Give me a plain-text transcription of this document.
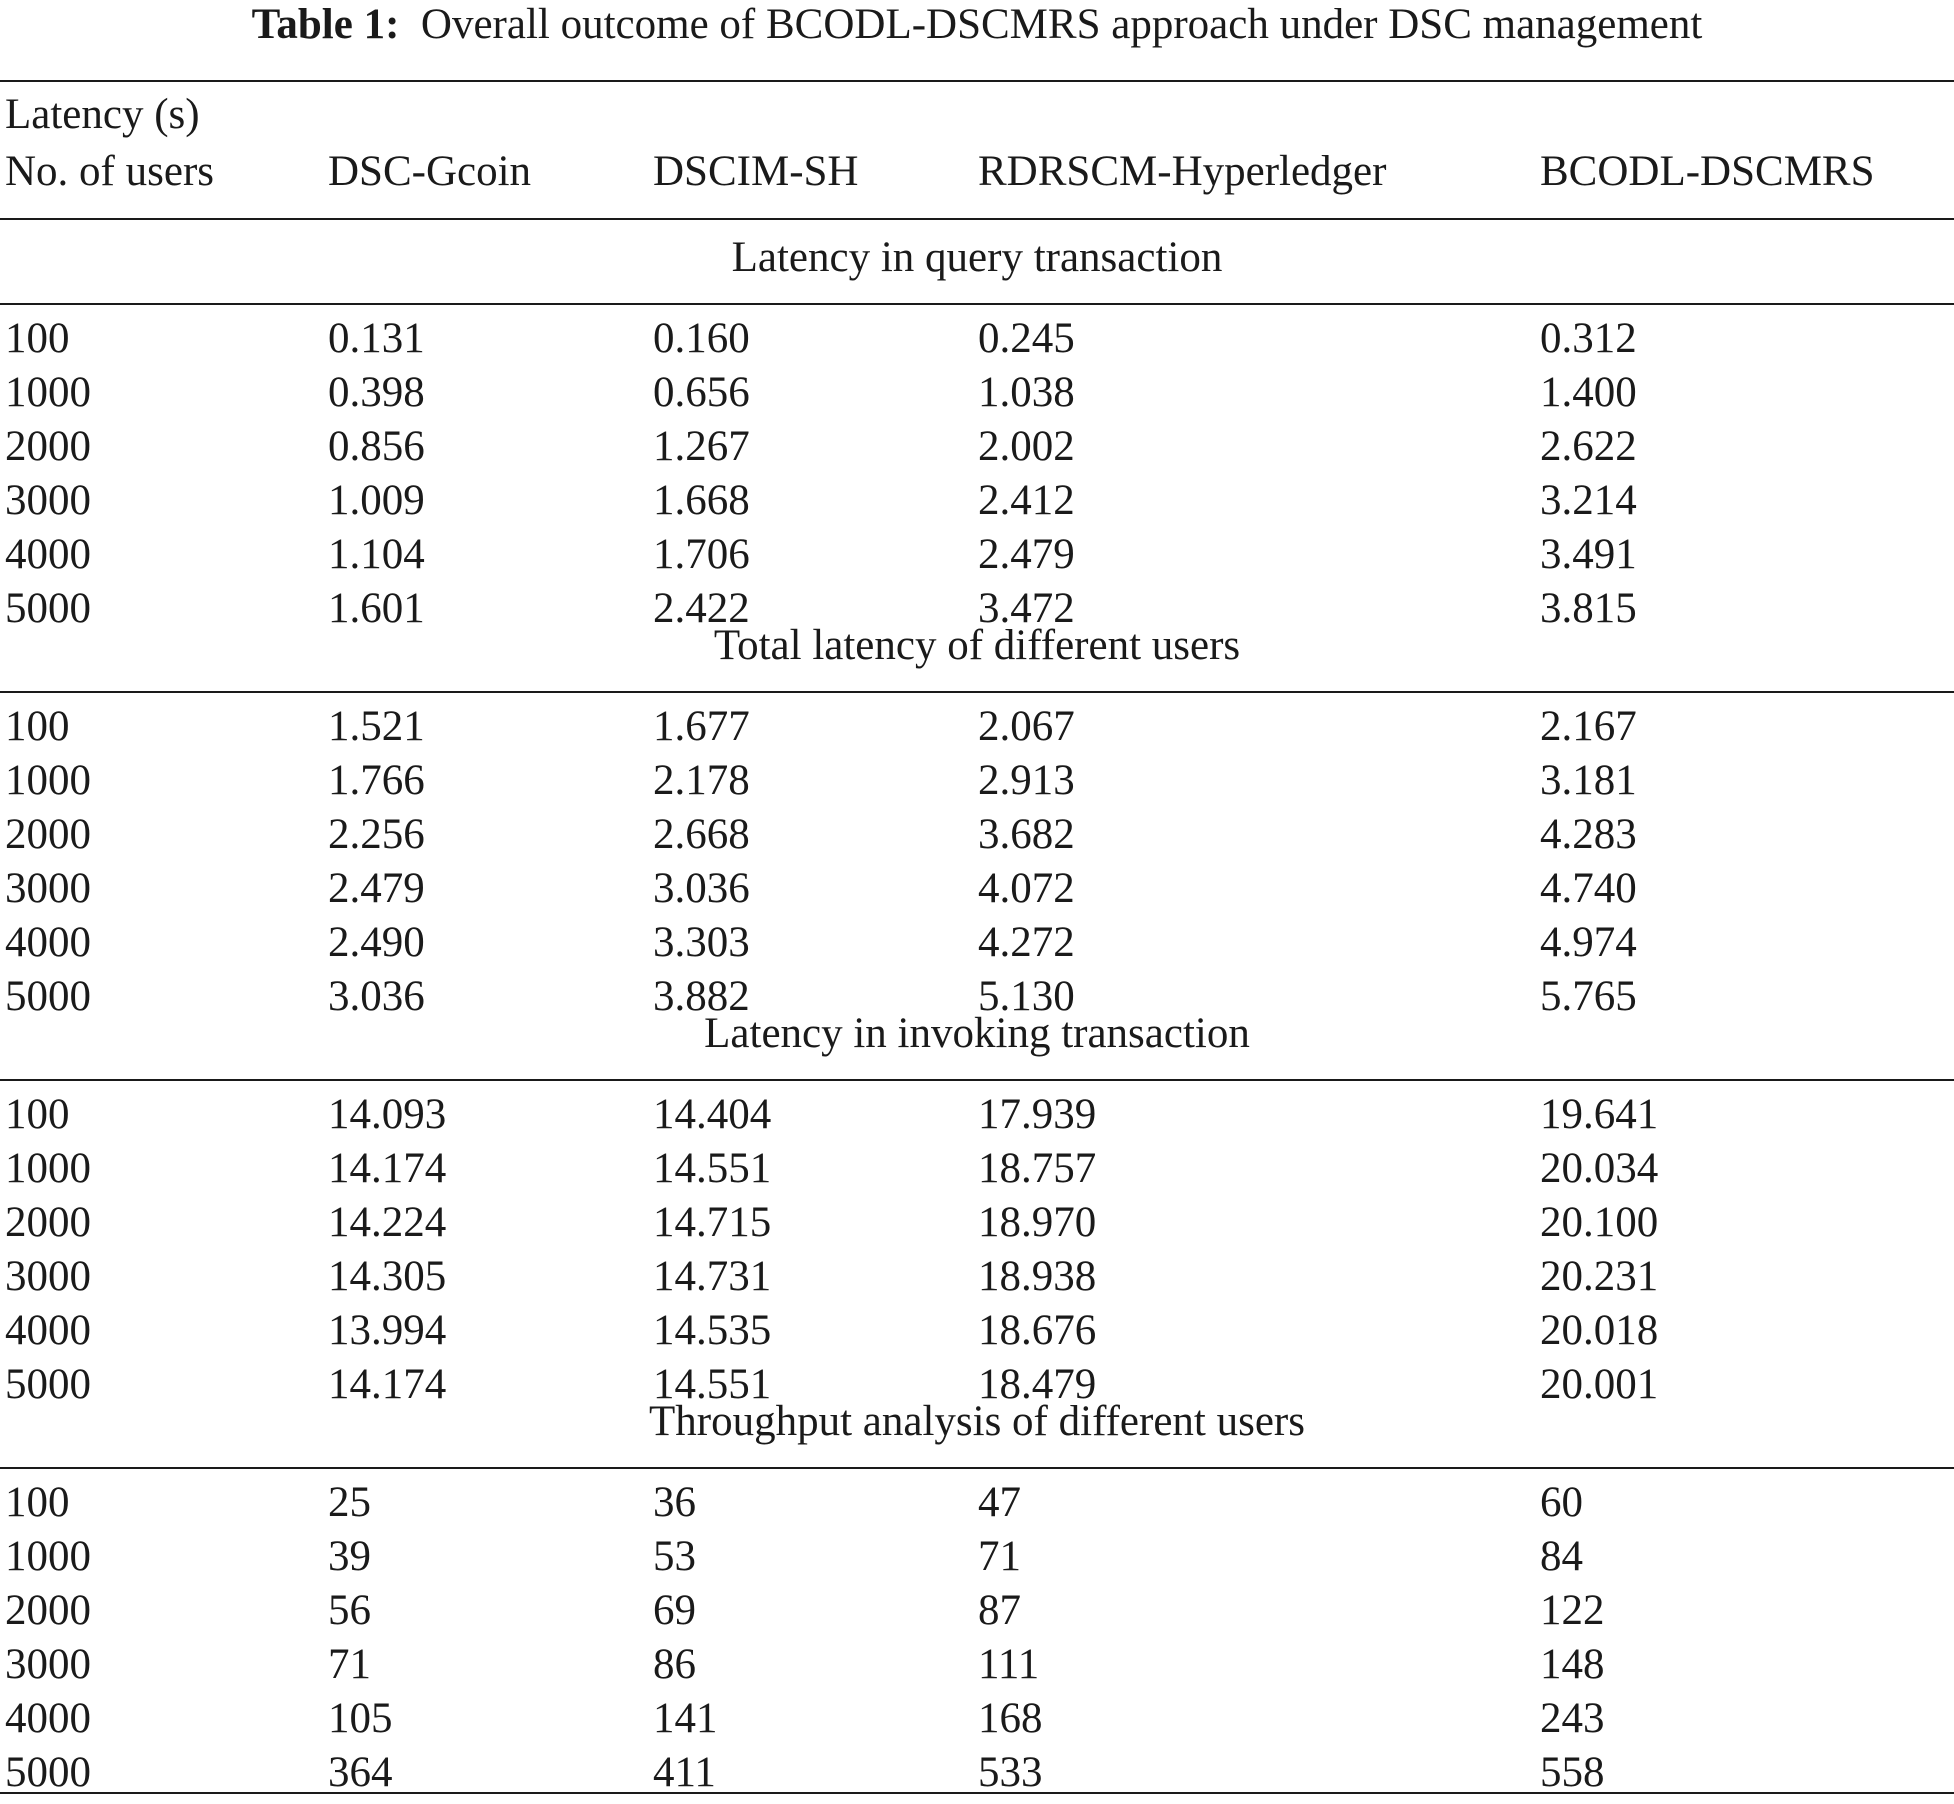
Table 1: Overall outcome of BCODL-DSCMRS approach under DSC management
Latency (s)
No. of users	DSC-Gcoin	DSCIM-SH	RDRSCM-Hyperledger	BCODL-DSCMRS
Latency in query transaction
100	0.131	0.160	0.245	0.312
1000	0.398	0.656	1.038	1.400
2000	0.856	1.267	2.002	2.622
3000	1.009	1.668	2.412	3.214
4000	1.104	1.706	2.479	3.491
5000	1.601	2.422	3.472	3.815
Total latency of different users
100	1.521	1.677	2.067	2.167
1000	1.766	2.178	2.913	3.181
2000	2.256	2.668	3.682	4.283
3000	2.479	3.036	4.072	4.740
4000	2.490	3.303	4.272	4.974
5000	3.036	3.882	5.130	5.765
Latency in invoking transaction
100	14.093	14.404	17.939	19.641
1000	14.174	14.551	18.757	20.034
2000	14.224	14.715	18.970	20.100
3000	14.305	14.731	18.938	20.231
4000	13.994	14.535	18.676	20.018
5000	14.174	14.551	18.479	20.001
Throughput analysis of different users
100	25	36	47	60
1000	39	53	71	84
2000	56	69	87	122
3000	71	86	111	148
4000	105	141	168	243
5000	364	411	533	558
